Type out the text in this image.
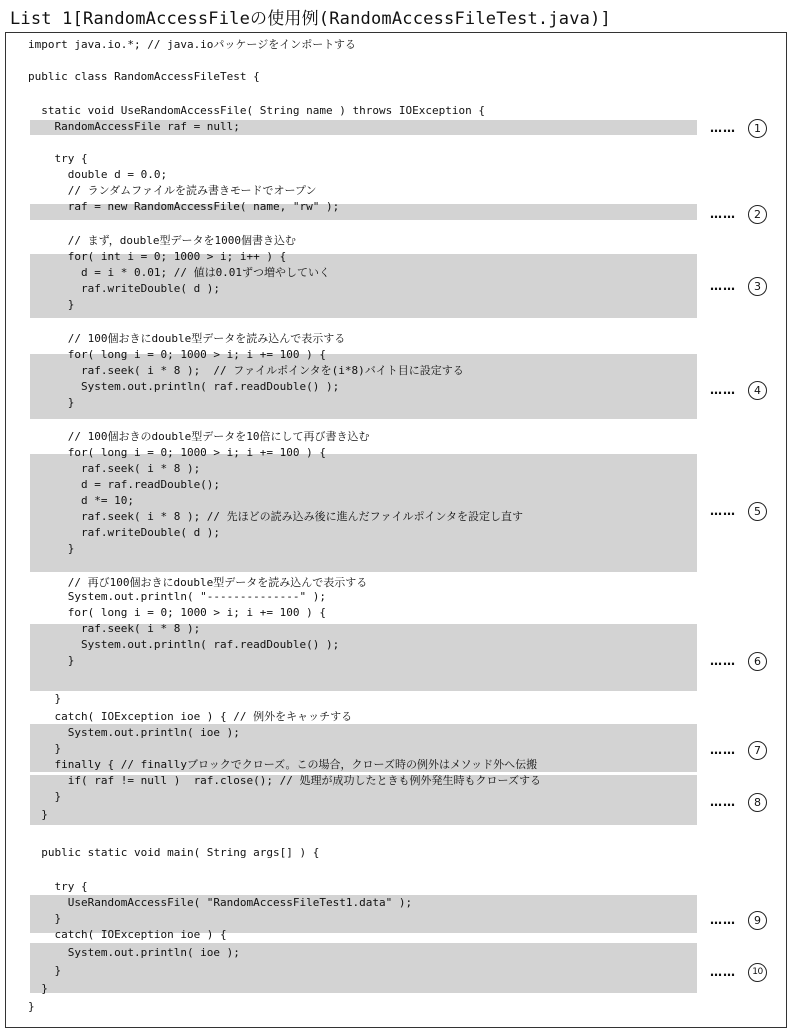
List 1[RandomAccessFileの使用例(RandomAccessFileTest.java)]
import java.io.*; // java.ioパッケージをインポートする
public class RandomAccessFileTest {
static void UseRandomAccessFile( String name ) throws IOException {
RandomAccessFile raf = null;
try {
double d = 0.0;
// ランダムファイルを読み書きモードでオープン
raf = new RandomAccessFile( name, "rw" );
// まず，double型データを1000個書き込む
for( int i = 0; 1000 > i; i++ ) {
d = i * 0.01; // 値は0.01ずつ増やしていく
raf.writeDouble( d );
}
// 100個おきにdouble型データを読み込んで表示する
for( long i = 0; 1000 > i; i += 100 ) {
raf.seek( i * 8 );  // ファイルポインタを(i*8)バイト目に設定する
System.out.println( raf.readDouble() );
}
// 100個おきのdouble型データを10倍にして再び書き込む
for( long i = 0; 1000 > i; i += 100 ) {
raf.seek( i * 8 );
d = raf.readDouble();
d *= 10;
raf.seek( i * 8 ); // 先ほどの読み込み後に進んだファイルポインタを設定し直す
raf.writeDouble( d );
}
// 再び100個おきにdouble型データを読み込んで表示する
System.out.println( "--------------" );
for( long i = 0; 1000 > i; i += 100 ) {
raf.seek( i * 8 );
System.out.println( raf.readDouble() );
}
}
catch( IOException ioe ) { // 例外をキャッチする
System.out.println( ioe );
}
finally { // finallyブロックでクローズ。この場合，クローズ時の例外はメソッド外へ伝搬
if( raf != null )  raf.close(); // 処理が成功したときも例外発生時もクローズする
}
}
public static void main( String args[] ) {
try {
UseRandomAccessFile( "RandomAccessFileTest1.data" );
}
catch( IOException ioe ) {
System.out.println( ioe );
}
}
}
……	1
……	2
……	3
……	4
……	5
……	6
……	7
……	8
……	9
……	10
